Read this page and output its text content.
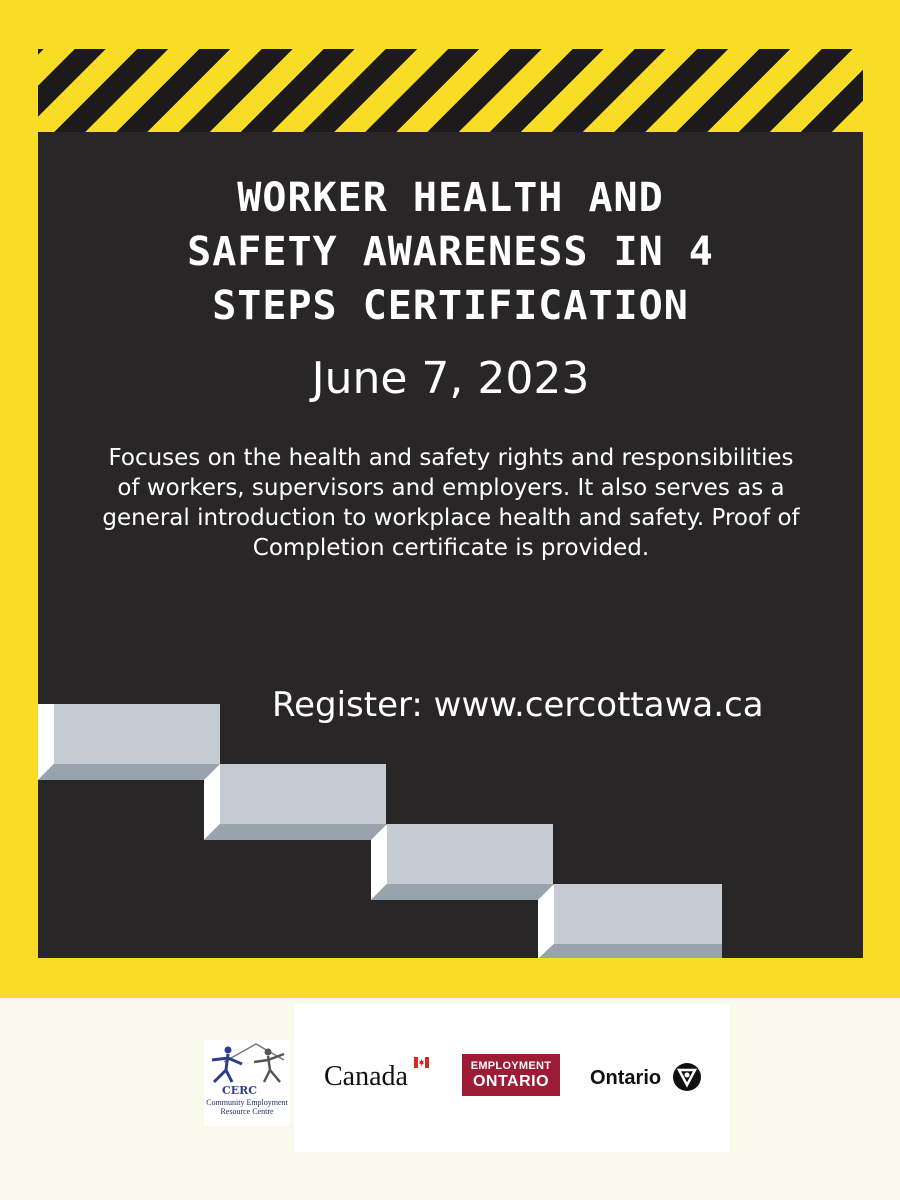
WORKER HEALTH AND
SAFETY AWARENESS IN 4
STEPS CERTIFICATION
June 7, 2023

Focuses on the health and safety rights and responsibilities of workers, supervisors and employers. It also serves as a general introduction to workplace health and safety. Proof of Completion certificate is provided.

Register: www.cercottawa.ca
CERC
Community Employment Resource Centre
Canada	EMPLOYMENT
ONTARIO	Ontario
